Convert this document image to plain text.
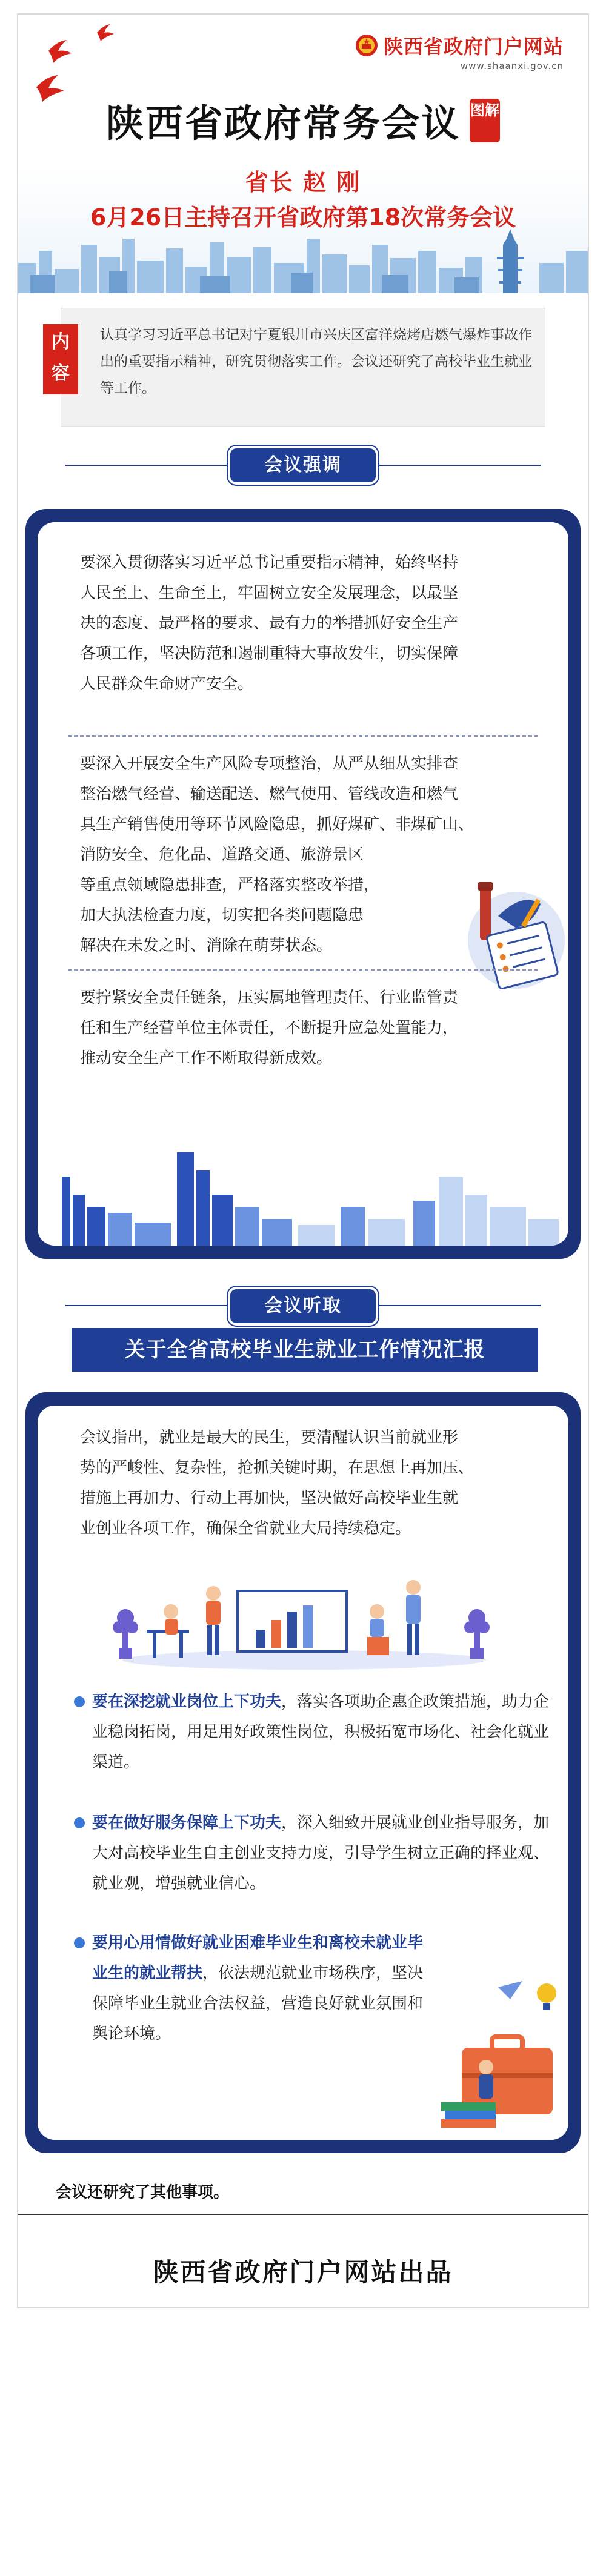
陕西省政府门户网站
www.shaanxi.gov.cn
陕西省政府常务会议 图解
省长 赵 刚
6月26日主持召开省政府第18次常务会议
内容
认真学习习近平总书记对宁夏银川市兴庆区富洋烧烤店燃气爆炸事故作出的重要指示精神，研究贯彻落实工作。会议还研究了高校毕业生就业等工作。
会议强调
要深入贯彻落实习近平总书记重要指示精神，始终坚持
人民至上、生命至上，牢固树立安全发展理念，以最坚
决的态度、最严格的要求、最有力的举措抓好安全生产
各项工作，坚决防范和遏制重特大事故发生，切实保障
人民群众生命财产安全。
要深入开展安全生产风险专项整治，从严从细从实排查
整治燃气经营、输送配送、燃气使用、管线改造和燃气
具生产销售使用等环节风险隐患，抓好煤矿、非煤矿山、
消防安全、危化品、道路交通、旅游景区
等重点领域隐患排查，严格落实整改举措，
加大执法检查力度，切实把各类问题隐患
解决在未发之时、消除在萌芽状态。
要拧紧安全责任链条，压实属地管理责任、行业监管责
任和生产经营单位主体责任，不断提升应急处置能力，
推动安全生产工作不断取得新成效。
会议听取
关于全省高校毕业生就业工作情况汇报
会议指出，就业是最大的民生，要清醒认识当前就业形
势的严峻性、复杂性，抢抓关键时期，在思想上再加压、
措施上再加力、行动上再加快，坚决做好高校毕业生就
业创业各项工作，确保全省就业大局持续稳定。
要在深挖就业岗位上下功夫，落实各项助企惠企政策措施，助力企业稳岗拓岗，用足用好政策性岗位，积极拓宽市场化、社会化就业渠道。
要在做好服务保障上下功夫，深入细致开展就业创业指导服务，加大对高校毕业生自主创业支持力度，引导学生树立正确的择业观、就业观，增强就业信心。
要用心用情做好就业困难毕业生和离校未就业毕业生的就业帮扶，依法规范就业市场秩序，坚决保障毕业生就业合法权益，营造良好就业氛围和舆论环境。
会议还研究了其他事项。
陕西省政府门户网站出品
